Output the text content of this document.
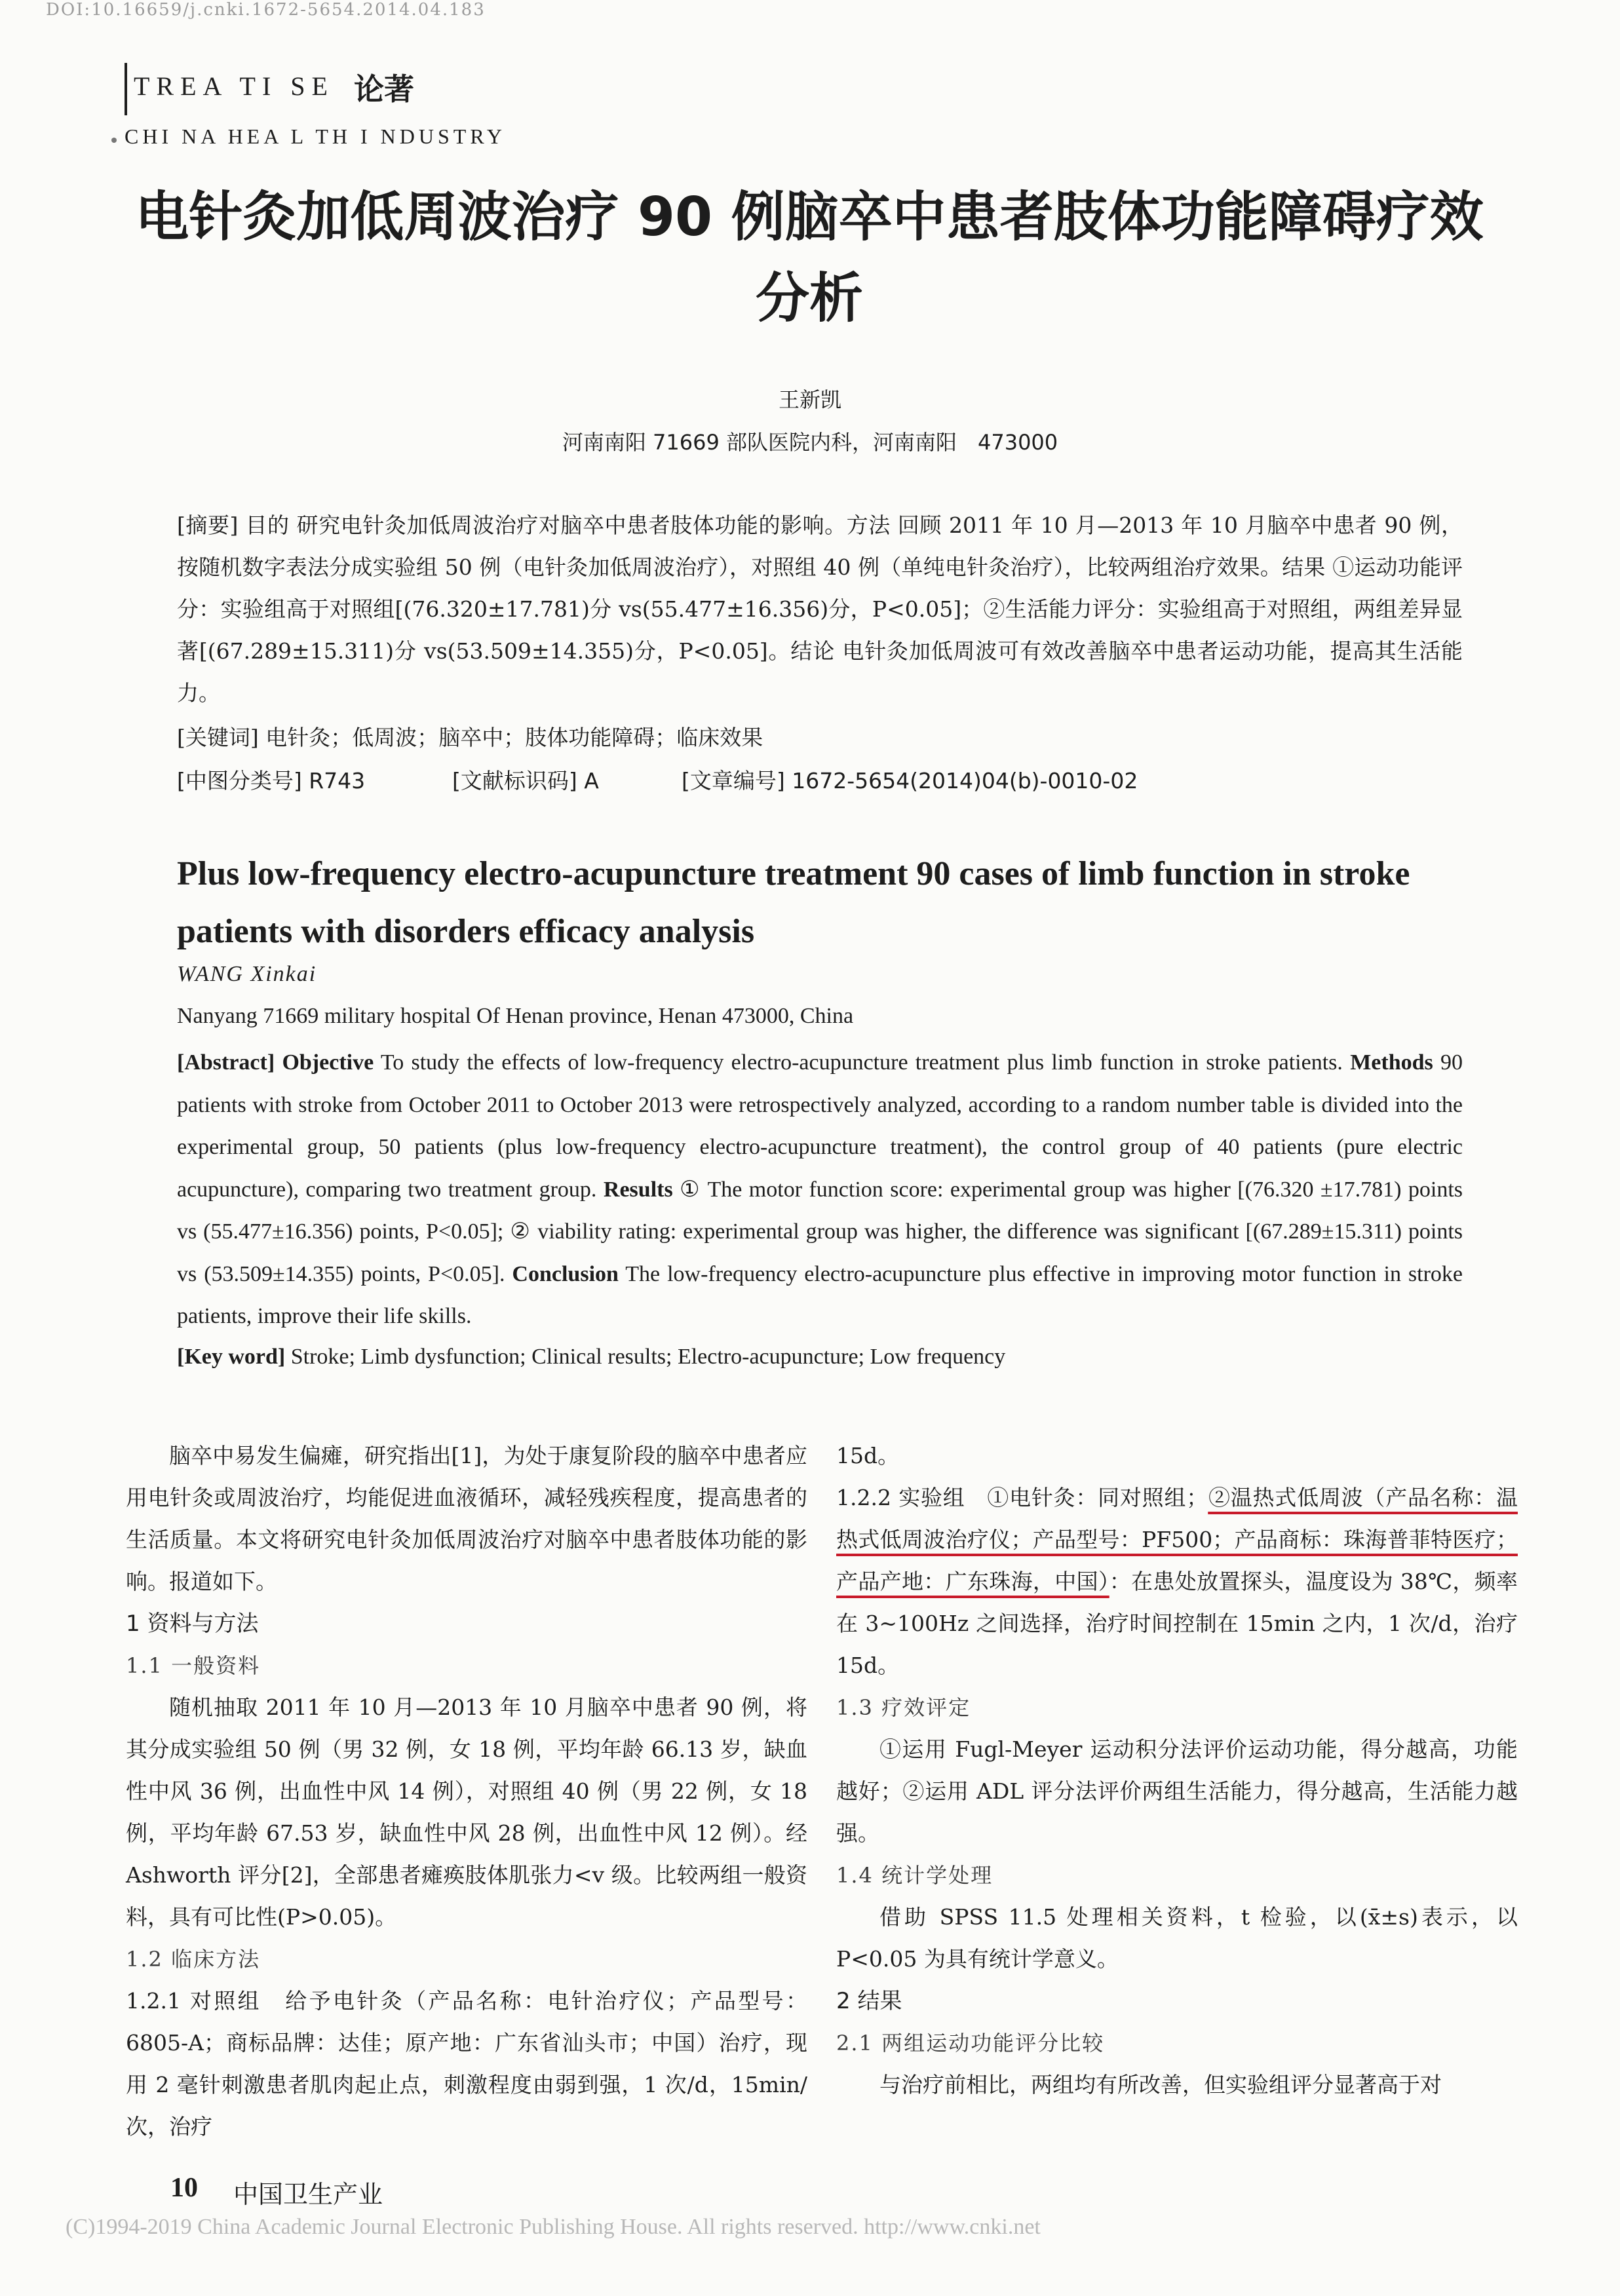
DOI:10.16659/j.cnki.1672-5654.2014.04.183
TREA TI SE 论著
CHI NA HEA L TH I NDUSTRY
电针灸加低周波治疗 90 例脑卒中患者肢体功能障碍疗效分析
王新凯
河南南阳 71669 部队医院内科，河南南阳　473000
[摘要] 目的 研究电针灸加低周波治疗对脑卒中患者肢体功能的影响。方法 回顾 2011 年 10 月—2013 年 10 月脑卒中患者 90 例，按随机数字表法分成实验组 50 例（电针灸加低周波治疗），对照组 40 例（单纯电针灸治疗），比较两组治疗效果。结果 ①运动功能评分：实验组高于对照组[(76.320±17.781)分 vs(55.477±16.356)分，P<0.05]；②生活能力评分：实验组高于对照组，两组差异显著[(67.289±15.311)分 vs(53.509±14.355)分，P<0.05]。结论 电针灸加低周波可有效改善脑卒中患者运动功能，提高其生活能力。
[关键词] 电针灸；低周波；脑卒中；肢体功能障碍；临床效果
[中图分类号] R743	[文献标识码] A	[文章编号] 1672-5654(2014)04(b)-0010-02
Plus low-frequency electro-acupuncture treatment 90 cases of limb function in stroke patients with disorders efficacy analysis
WANG Xinkai
Nanyang 71669 military hospital Of Henan province, Henan 473000, China
[Abstract] Objective To study the effects of low-frequency electro-acupuncture treatment plus limb function in stroke patients. Methods 90 patients with stroke from October 2011 to October 2013 were retrospectively analyzed, according to a random number table is divided into the experimental group, 50 patients (plus low-frequency electro-acupuncture treatment), the control group of 40 patients (pure electric acupuncture), comparing two treatment group. Results ① The motor function score: experimental group was higher [(76.320 ±17.781) points vs (55.477±16.356) points, P<0.05]; ② viability rating: experimental group was higher, the difference was significant [(67.289±15.311) points vs (53.509±14.355) points, P<0.05]. Conclusion The low-frequency electro-acupuncture plus effective in improving motor function in stroke patients, improve their life skills.
[Key word] Stroke; Limb dysfunction; Clinical results; Electro-acupuncture; Low frequency

脑卒中易发生偏瘫，研究指出[1]，为处于康复阶段的脑卒中患者应用电针灸或周波治疗，均能促进血液循环，减轻残疾程度，提高患者的生活质量。本文将研究电针灸加低周波治疗对脑卒中患者肢体功能的影响。报道如下。

1 资料与方法

1.1 一般资料

随机抽取 2011 年 10 月—2013 年 10 月脑卒中患者 90 例，将其分成实验组 50 例（男 32 例，女 18 例，平均年龄 66.13 岁，缺血性中风 36 例，出血性中风 14 例），对照组 40 例（男 22 例，女 18 例，平均年龄 67.53 岁，缺血性中风 28 例，出血性中风 12 例）。经 Ashworth 评分[2]，全部患者瘫痪肢体肌张力<v 级。比较两组一般资料，具有可比性(P>0.05)。

1.2 临床方法

1.2.1 对照组　给予电针灸（产品名称：电针治疗仪；产品型号：6805-A；商标品牌：达佳；原产地：广东省汕头市；中国）治疗，现用 2 毫针刺激患者肌肉起止点，刺激程度由弱到强，1 次/d，15min/次，治疗

15d。

1.2.2 实验组　①电针灸：同对照组；②温热式低周波（产品名称：温热式低周波治疗仪；产品型号：PF500；产品商标：珠海普菲特医疗；产品产地：广东珠海，中国）：在患处放置探头，温度设为 38℃，频率在 3~100Hz 之间选择，治疗时间控制在 15min 之内，1 次/d，治疗 15d。

1.3 疗效评定

①运用 Fugl-Meyer 运动积分法评价运动功能，得分越高，功能越好；②运用 ADL 评分法评价两组生活能力，得分越高，生活能力越强。

1.4 统计学处理

借助 SPSS 11.5 处理相关资料，t 检验，以(x̄±s)表示，以 P<0.05 为具有统计学意义。

2 结果

2.1 两组运动功能评分比较

与治疗前相比，两组均有所改善，但实验组评分显著高于对

10 中国卫生产业
(C)1994-2019 China Academic Journal Electronic Publishing House. All rights reserved. http://www.cnki.net
